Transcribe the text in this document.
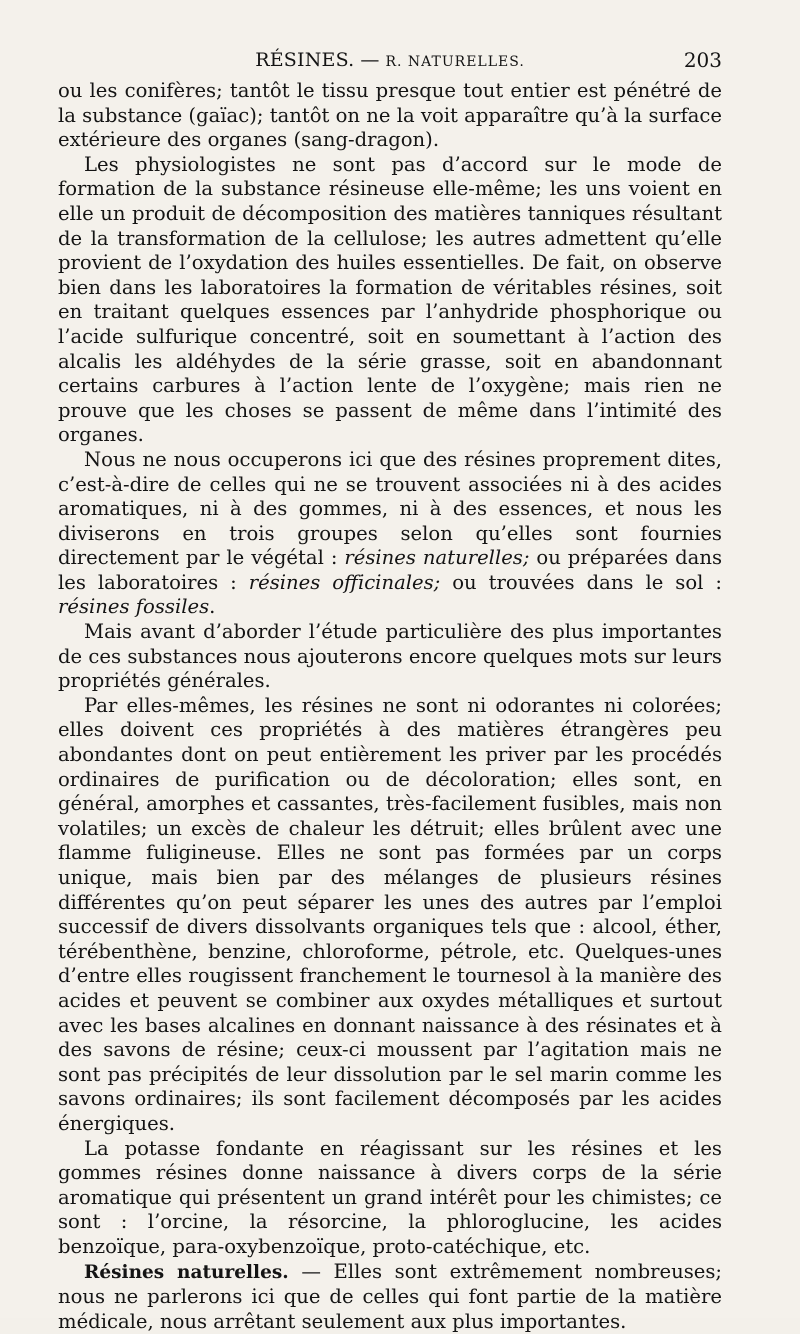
RÉSINES. — R. NATURELLES.	203

ou les conifères; tantôt le tissu presque tout entier est pénétré de la substance (gaïac); tantôt on ne la voit apparaître qu’à la surface extérieure des organes (sang-dragon).

Les physiologistes ne sont pas d’accord sur le mode de formation de la substance résineuse elle-même; les uns voient en elle un produit de décomposition des matières tanniques résultant de la transformation de la cellulose; les autres admettent qu’elle provient de l’oxydation des huiles essentielles. De fait, on observe bien dans les laboratoires la formation de véritables résines, soit en traitant quelques essences par l’anhydride phosphorique ou l’acide sulfurique concentré, soit en soumettant à l’action des alcalis les aldéhydes de la série grasse, soit en abandonnant certains carbures à l’action lente de l’oxygène; mais rien ne prouve que les choses se passent de même dans l’intimité des organes.

Nous ne nous occuperons ici que des résines proprement dites, c’est-à-dire de celles qui ne se trouvent associées ni à des acides aromatiques, ni à des gommes, ni à des essences, et nous les diviserons en trois groupes selon qu’elles sont fournies directement par le végétal : résines naturelles; ou préparées dans les laboratoires : résines officinales; ou trouvées dans le sol : résines fossiles.

Mais avant d’aborder l’étude particulière des plus importantes de ces substances nous ajouterons encore quelques mots sur leurs propriétés générales.

Par elles-mêmes, les résines ne sont ni odorantes ni colorées; elles doivent ces propriétés à des matières étrangères peu abondantes dont on peut entièrement les priver par les procédés ordinaires de purification ou de décoloration; elles sont, en général, amorphes et cassantes, très-facilement fusibles, mais non volatiles; un excès de chaleur les détruit; elles brûlent avec une flamme fuligineuse. Elles ne sont pas formées par un corps unique, mais bien par des mélanges de plusieurs résines différentes qu’on peut séparer les unes des autres par l’emploi successif de divers dissolvants organiques tels que : alcool, éther, térébenthène, benzine, chloroforme, pétrole, etc. Quelques-unes d’entre elles rougissent franchement le tournesol à la manière des acides et peuvent se combiner aux oxydes métalliques et surtout avec les bases alcalines en donnant naissance à des résinates et à des savons de résine; ceux-ci moussent par l’agitation mais ne sont pas précipités de leur dissolution par le sel marin comme les savons ordinaires; ils sont facilement décomposés par les acides énergiques.

La potasse fondante en réagissant sur les résines et les gommes résines donne naissance à divers corps de la série aromatique qui présentent un grand intérêt pour les chimistes; ce sont : l’orcine, la résorcine, la phloroglucine, les acides benzoïque, para-oxybenzoïque, proto-catéchique, etc.

Résines naturelles. — Elles sont extrêmement nombreuses; nous ne parlerons ici que de celles qui font partie de la matière médicale, nous arrêtant seulement aux plus importantes.
